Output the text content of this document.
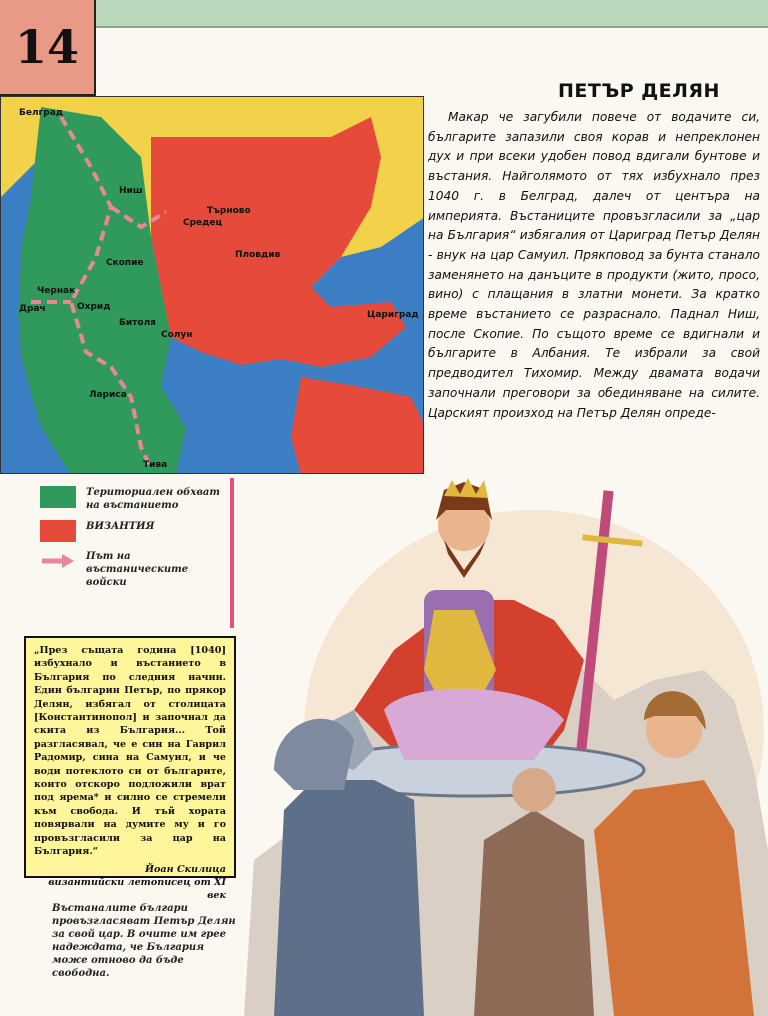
14
Белград
Ниш
Средец
Търново
Скопие
Пловдив
Чернак
Драч	Охрид
Битоля
Солун
Цариград
Лариса
Тива
ПЕТЪР ДЕЛЯН

Макар че загубили повече от водачите си, българите запазили своя корав и непреклонен дух и при всеки удобен повод вдигали бунтове и въстания. Найголямото от тях избухнало през 1040 г. в Белград, далеч от центъра на империята. Въстаниците провъзгласили за „цар на България“ избягалия от Цариград Петър Делян - внук на цар Самуил. Прякповод за бунта станало заменянето на данъците в продукти (жито, просо, вино) с плащания в златни монети. За кратко време въстанието се разраснало. Паднал Ниш, после Скопие. По същото време се вдигнали и българите в Албания. Те избрали за свой предводител Тихомир. Между двамата водачи започнали преговори за обединяване на силите. Царският произход на Петър Делян опреде-

Териториален обхват на въстанието
ВИЗАНТИЯ
Път на въстаническите войски

„През същата година [1040] избухнало и въстанието в България по следния начин. Един българин Петър, по прякор Делян, избягал от столицата [Константинопол] и започнал да скита из България... Той разгласявал, че е син на Гаврил Радомир, сина на Самуил, и че води потеклото си от българите, които отскоро подложили врат под ярема* и силно се стремели към свобода. И тъй хората повярвали на думите му и го провъзгласили за цар на България.“

Йоан Скилица
византийски летописец от XI век
Въстаналите българи провъзгласяват Петър Делян за свой цар. В очите им грее надеждата, че България може отново да бъде свободна.
